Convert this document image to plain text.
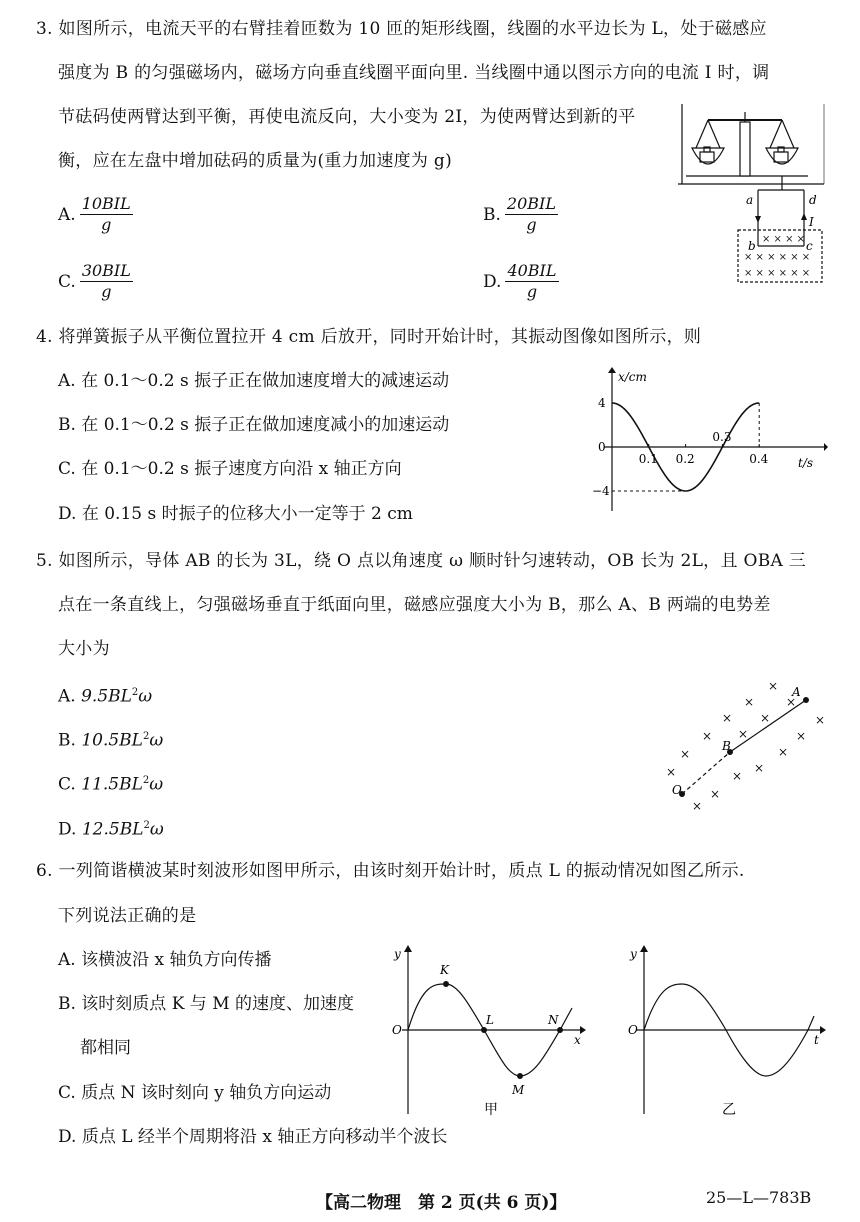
3. 如图所示，电流天平的右臂挂着匝数为 10 匝的矩形线圈，线圈的水平边长为 L，处于磁感应
强度为 B 的匀强磁场内，磁场方向垂直线圈平面向里. 当线圈中通以图示方向的电流 I 时，调
节砝码使两臂达到平衡，再使电流反向，大小变为 2I，为使两臂达到新的平
衡，应在左盘中增加砝码的质量为(重力加速度为 g)
A. $\frac{\text{10BIL}}{g}$	B. $\frac{\text{20BIL}}{g}$
C. $\frac{\text{30BIL}}{g}$	D. $\frac{\text{40BIL}}{g}$
a	d
I
b	c
× × × ×
× × × × × ×
× × × × × ×
4. 将弹簧振子从平衡位置拉开 4 cm 后放开，同时开始计时，其振动图像如图所示，则
A. 在 0.1～0.2 s 振子正在做加速度增大的减速运动
B. 在 0.1～0.2 s 振子正在做加速度减小的加速运动
C. 在 0.1～0.2 s 振子速度方向沿 x 轴正方向
D. 在 0.15 s 时振子的位移大小一定等于 2 cm
0.1 0.2
0.3
0.4
4
0
−4
x/cm
t/s
5. 如图所示，导体 AB 的长为 3L，绕 O 点以角速度 ω 顺时针匀速转动，OB 长为 2L，且 OBA 三
点在一条直线上，匀强磁场垂直于纸面向里，磁感应强度大小为 B，那么 A、B 两端的电势差
大小为
A. $9.5BL^2\omega$
B. $10.5BL^2\omega$
C. $11.5BL^2\omega$
D. $12.5BL^2\omega$
×
×	×
× ×	×
× ×	×
×	×
×	×
×
×
×
A
B
O
6. 一列简谐横波某时刻波形如图甲所示，由该时刻开始计时，质点 L 的振动情况如图乙所示.
下列说法正确的是
A. 该横波沿 x 轴负方向传播
B. 该时刻质点 K 与 M 的速度、加速度
都相同
C. 质点 N 该时刻向 y 轴负方向运动
D. 质点 L 经半个周期将沿 x 轴正方向移动半个波长
y
O
K
L
M
N
x
甲
y
O
t
乙
【高二物理　第 2 页(共 6 页)】	25—L—783B
